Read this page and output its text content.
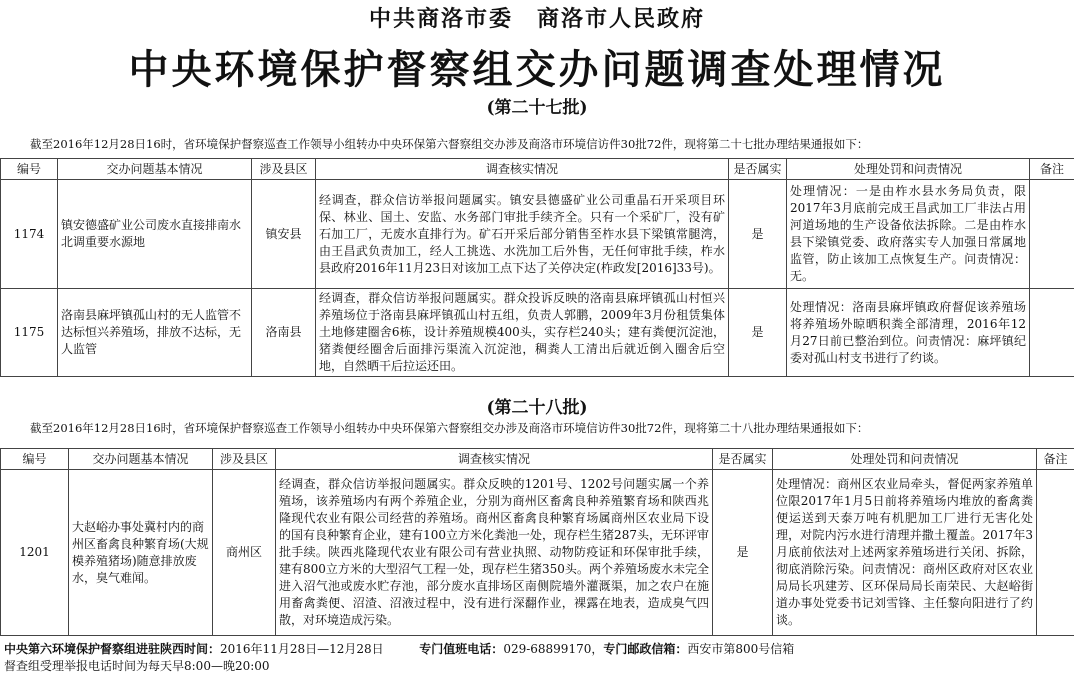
中共商洛市委　商洛市人民政府
中央环境保护督察组交办问题调查处理情况
(第二十七批)
截至2016年12月28日16时，省环境保护督察巡查工作领导小组转办中央环保第六督察组交办涉及商洛市环境信访件30批72件，现将第二十七批办理结果通报如下：
编号	交办问题基本情况	涉及县区	调查核实情况	是否属实	处理处罚和问责情况	备注
1174	镇安德盛矿业公司废水直接排南水北调重要水源地	镇安县	经调查，群众信访举报问题属实。镇安县德盛矿业公司重晶石开采项目环保、林业、国土、安监、水务部门审批手续齐全。只有一个采矿厂，没有矿石加工厂，无废水直排行为。矿石开采后部分销售至柞水县下梁镇常腿湾，由王昌武负责加工，经人工挑选、水洗加工后外售，无任何审批手续，柞水县政府2016年11月23日对该加工点下达了关停决定(柞政发[2016]33号)。	是	处理情况：一是由柞水县水务局负责，限2017年3月底前完成王昌武加工厂非法占用河道场地的生产设备依法拆除。二是由柞水县下梁镇党委、政府落实专人加强日常属地监管，防止该加工点恢复生产。问责情况：无。	
1175	洛南县麻坪镇孤山村的无人监管不达标恒兴养殖场，排放不达标，无人监管	洛南县	经调查，群众信访举报问题属实。群众投诉反映的洛南县麻坪镇孤山村恒兴养殖场位于洛南县麻坪镇孤山村五组，负责人郭鹏，2009年3月份租赁集体土地修建圈舍6栋，设计养殖规模400头，实存栏240头；建有粪便沉淀池，猪粪便经圈舍后面排污渠流入沉淀池，稠粪人工清出后就近倒入圈舍后空地，自然晒干后拉运还田。	是	处理情况：洛南县麻坪镇政府督促该养殖场将养殖场外晾晒积粪全部清理，2016年12月27日前已整治到位。问责情况：麻坪镇纪委对孤山村支书进行了约谈。	
(第二十八批)
截至2016年12月28日16时，省环境保护督察巡查工作领导小组转办中央环保第六督察组交办涉及商洛市环境信访件30批72件，现将第二十八批办理结果通报如下：
编号	交办问题基本情况	涉及县区	调查核实情况	是否属实	处理处罚和问责情况	备注
1201	大赵峪办事处冀村内的商州区畜禽良种繁育场(大规模养殖猪场)随意排放废水，臭气难闻。	商州区	经调查，群众信访举报问题属实。群众反映的1201号、1202号问题实属一个养殖场，该养殖场内有两个养殖企业，分别为商州区畜禽良种养殖繁育场和陕西兆隆现代农业有限公司经营的养殖场。商州区畜禽良种繁育场属商州区农业局下设的国有良种繁育企业，建有100立方米化粪池一处，现存栏生猪287头，无环评审批手续。陕西兆隆现代农业有限公司有营业执照、动物防疫证和环保审批手续，建有800立方米的大型沼气工程一处，现存栏生猪350头。两个养殖场废水未完全进入沼气池或废水贮存池，部分废水直排场区南侧院墙外灌溉渠，加之农户在施用畜禽粪便、沼渣、沼液过程中，没有进行深翻作业，裸露在地表，造成臭气四散，对环境造成污染。	是	处理情况：商州区农业局牵头，督促两家养殖单位限2017年1月5日前将养殖场内堆放的畜禽粪便运送到天泰万吨有机肥加工厂进行无害化处理，对院内污水进行清理并撒土覆盖。2017年3月底前依法对上述两家养殖场进行关闭、拆除，彻底消除污染。问责情况：商州区政府对区农业局局长巩建芳、区环保局局长南荣民、大赵峪街道办事处党委书记刘雪锋、主任黎向阳进行了约谈。	
中央第六环境保护督察组进驻陕西时间：2016年11月28日—12月28日	专门值班电话：029-68899170，专门邮政信箱：西安市第800号信箱
督查组受理举报电话时间为每天早8:00—晚20:00
